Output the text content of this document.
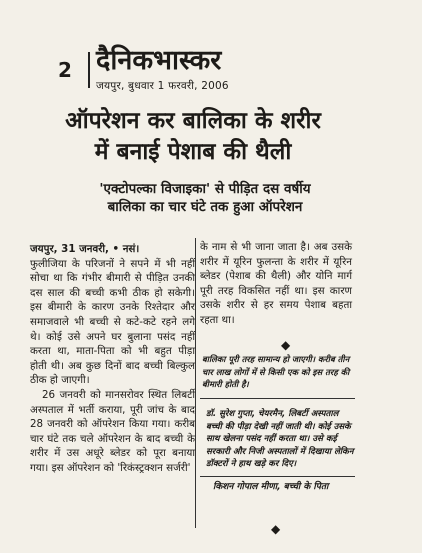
2 दैनिकभास्कर
जयपुर, बुधवार 1 फरवरी, 2006
ऑपरेशन कर बालिका के शरीर
में बनाई पेशाब की थैली
'एक्टोपल्का विजाइका' से पीड़ित दस वर्षीय
बालिका का चार घंटे तक हुआ ऑपरेशन

जयपुर, 31 जनवरी, • नसं।

फुलीजिया के परिजनों ने सपने में भी नहीं सोचा था कि गंभीर बीमारी से पीड़ित उनकी दस साल की बच्ची कभी ठीक हो सकेगी। इस बीमारी के कारण उनके रिश्तेदार और समाजवाले भी बच्ची से कटे-कटे रहने लगे थे। कोई उसे अपने घर बुलाना पसंद नहीं करता था, माता-पिता को भी बहुत पीड़ा होती थी। अब कुछ दिनों बाद बच्ची बिल्कुल ठीक हो जाएगी।

26 जनवरी को मानसरोवर स्थित लिबर्टी अस्पताल में भर्ती कराया, पूरी जांच के बाद 28 जनवरी को ऑपरेशन किया गया। करीब चार घंटे तक चले ऑपरेशन के बाद बच्ची के शरीर में उस अधूरे ब्लेडर को पूरा बनाया गया। इस ऑपरेशन को 'रिकंस्ट्रक्शन सर्जरी'

के नाम से भी जाना जाता है। अब उसके शरीर में यूरिन फुलन्ता के शरीर में यूरिन ब्लेडर (पेशाब की थैली) और योनि मार्ग पूरी तरह विकसित नहीं था। इस कारण उसके शरीर से हर समय पेशाब बहता रहता था।

◆
बालिका पूरी तरह सामान्य हो जाएगी। करीब तीन चार लाख लोगों में से किसी एक को इस तरह की बीमारी होती है।
डॉ. सुरेश गुप्ता, चेयरमैन, लिबर्टी अस्पताल बच्ची की पीड़ा देखी नहीं जाती थी। कोई उसके साथ खेलना पसंद नहीं करता था। उसे कई सरकारी और निजी अस्पतालों में दिखाया लेकिन डॉक्टरों ने हाथ खड़े कर दिए।
किशन गोपाल मीणा, बच्ची के पिता
◆
